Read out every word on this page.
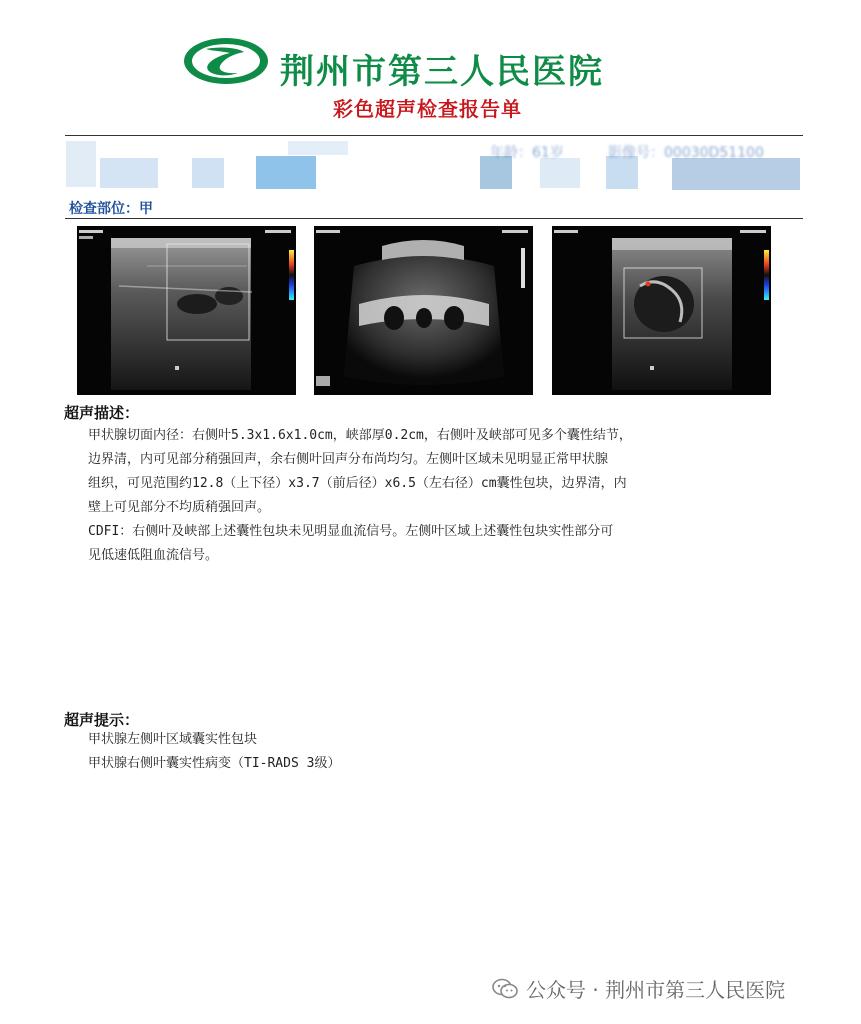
荆州市第三人民医院
彩色超声检查报告单
年龄：61岁	影像号：00030D51100
检查部位：甲
超声描述：
甲状腺切面内径：右侧叶5.3x1.6x1.0cm，峡部厚0.2cm，右侧叶及峡部可见多个囊性结节，
边界清，内可见部分稍强回声，余右侧叶回声分布尚均匀。左侧叶区域未见明显正常甲状腺
组织，可见范围约12.8（上下径）x3.7（前后径）x6.5（左右径）cm囊性包块，边界清，内
壁上可见部分不均质稍强回声。
CDFI：右侧叶及峡部上述囊性包块未见明显血流信号。左侧叶区域上述囊性包块实性部分可
见低速低阻血流信号。
超声提示：
甲状腺左侧叶区域囊实性包块
甲状腺右侧叶囊实性病变（TI-RADS 3级）
公众号 · 荆州市第三人民医院
